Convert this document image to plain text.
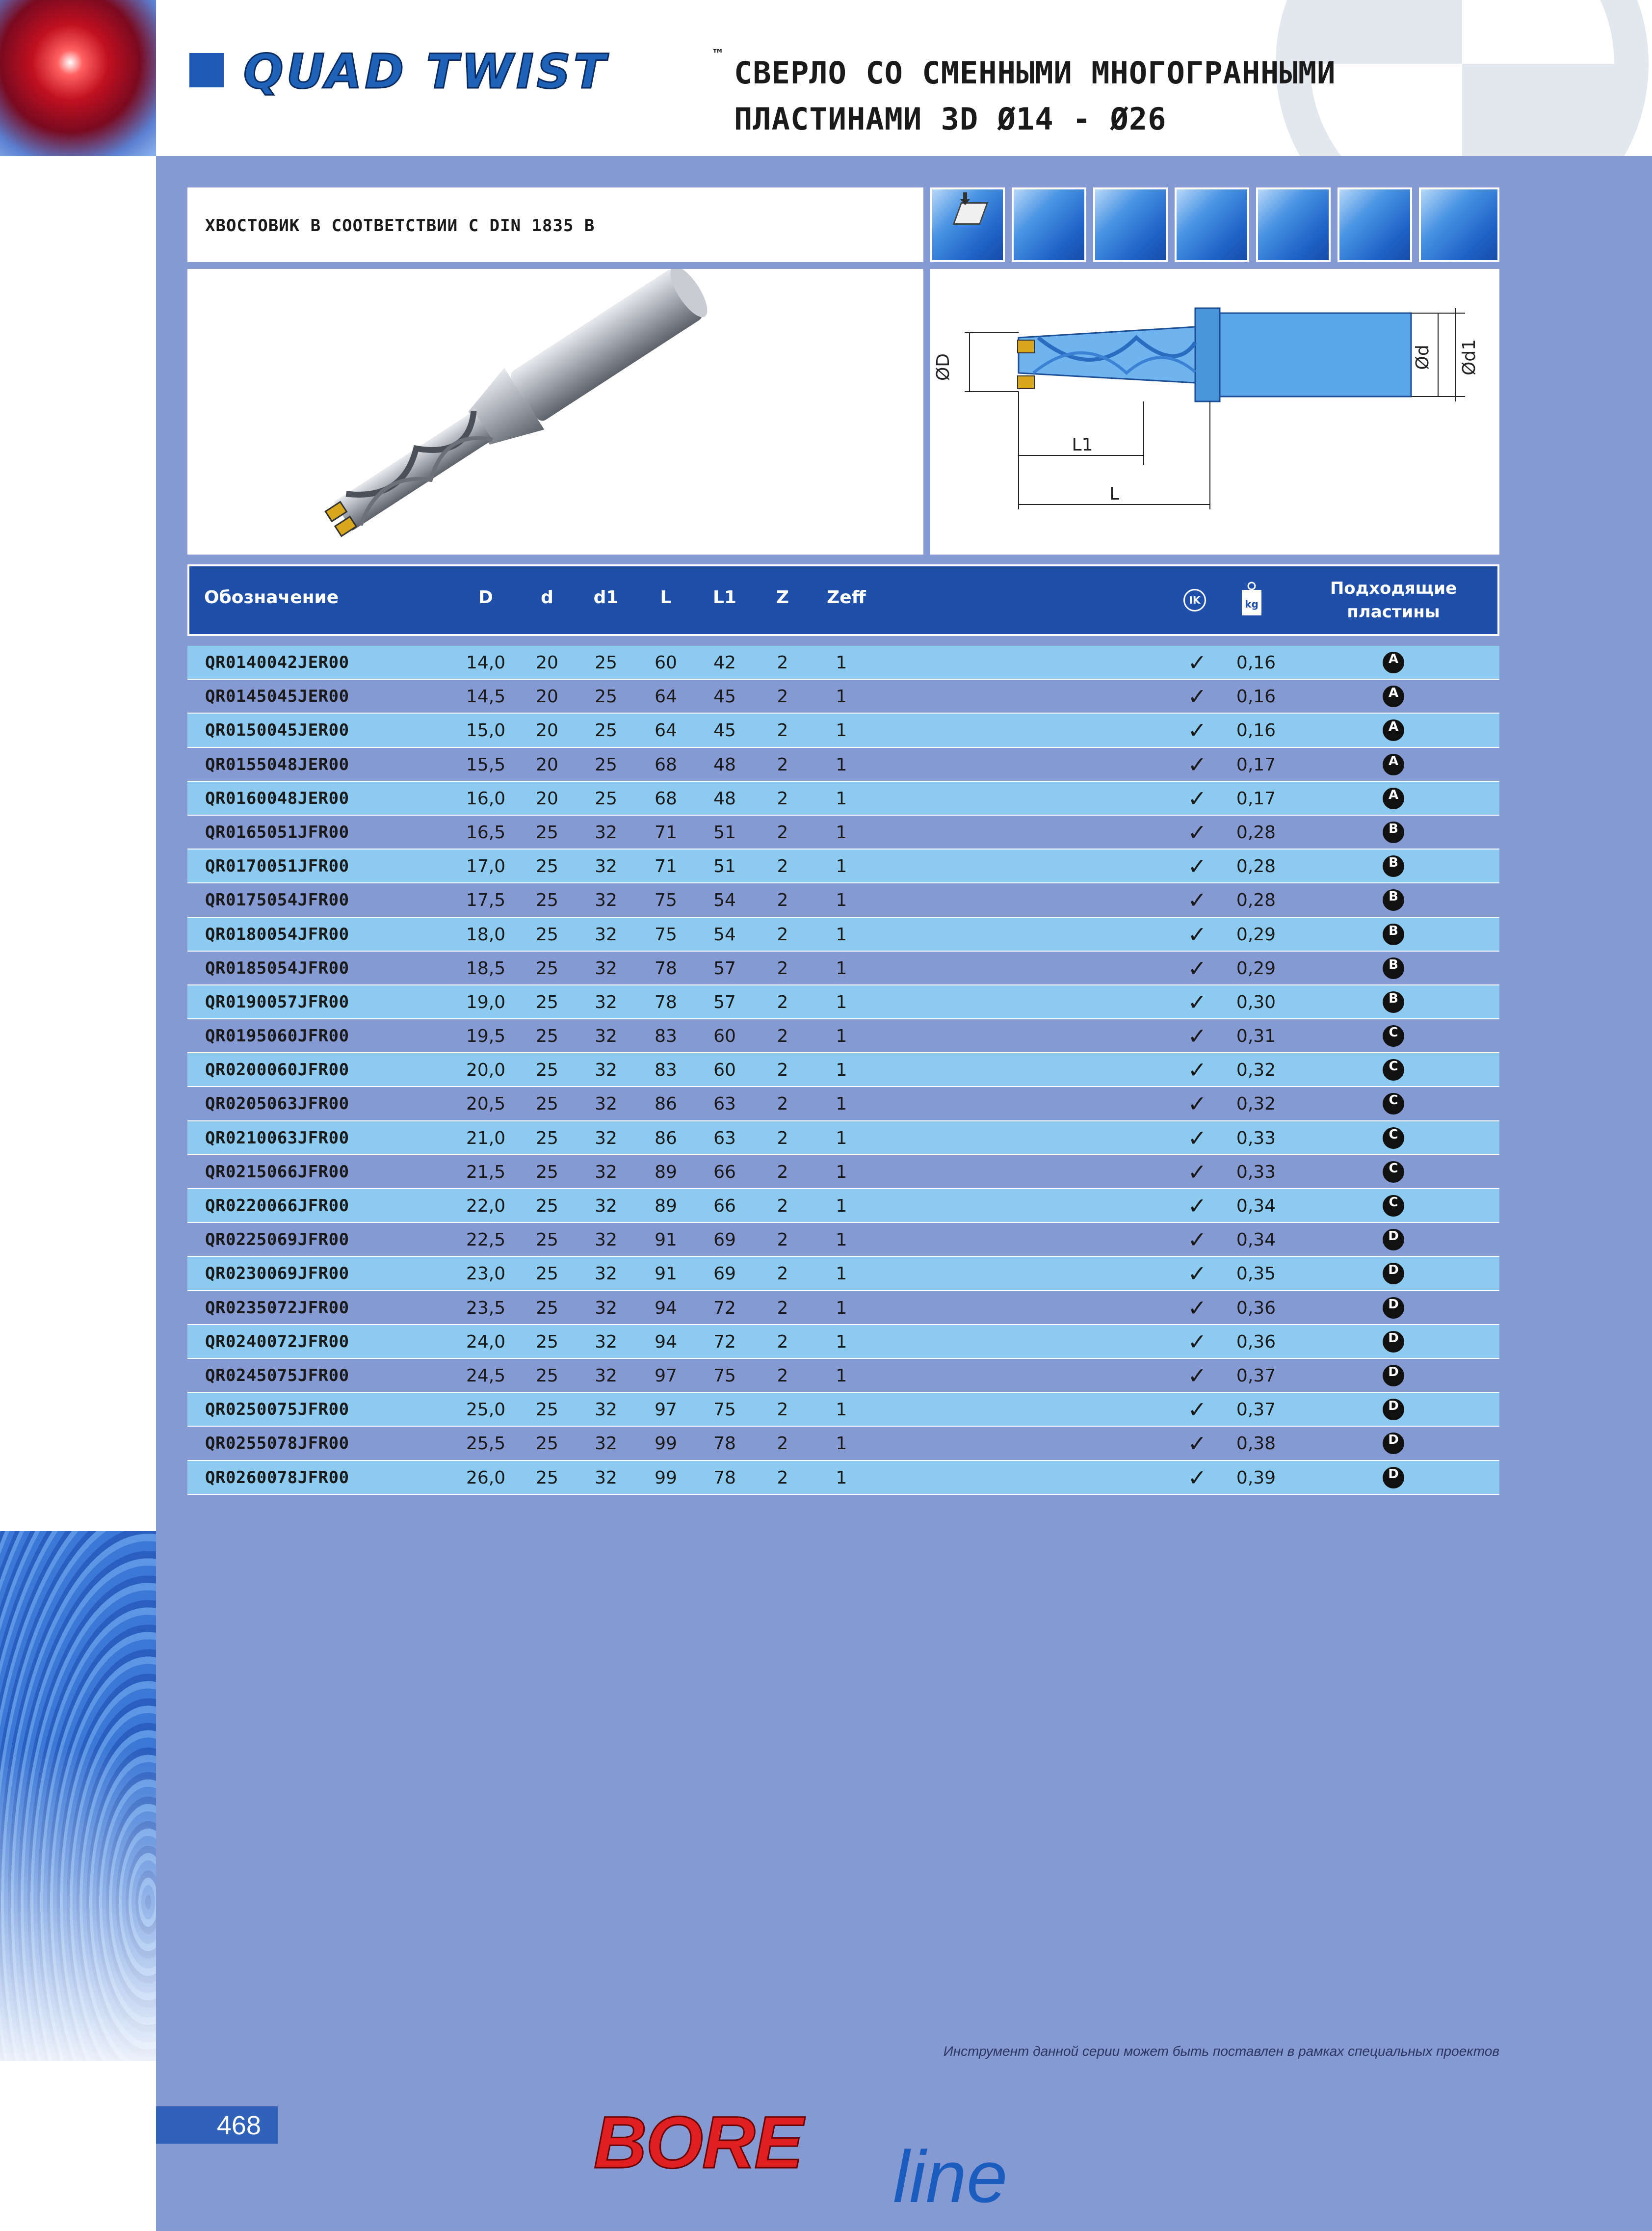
QUAD TWIST	™
СВЕРЛО СО СМЕННЫМИ МНОГОГРАННЫМИ
ПЛАСТИНАМИ 3D Ø14 - Ø26
ХВОСТОВИК В СООТВЕТСТВИИ С DIN 1835 B
ØD	Ød Ød1
L1
L
Обозначение	D	d	d1	L	L1	Z	Zeff	IK	kg
Подходящие
пластины
QR0140042JER00	14,0	20	25	60	42	2	1	✓	0,16	A
QR0145045JER00	14,5	20	25	64	45	2	1	✓	0,16	A
QR0150045JER00	15,0	20	25	64	45	2	1	✓	0,16	A
QR0155048JER00	15,5	20	25	68	48	2	1	✓	0,17	A
QR0160048JER00	16,0	20	25	68	48	2	1	✓	0,17	A
QR0165051JFR00	16,5	25	32	71	51	2	1	✓	0,28	B
QR0170051JFR00	17,0	25	32	71	51	2	1	✓	0,28	B
QR0175054JFR00	17,5	25	32	75	54	2	1	✓	0,28	B
QR0180054JFR00	18,0	25	32	75	54	2	1	✓	0,29	B
QR0185054JFR00	18,5	25	32	78	57	2	1	✓	0,29	B
QR0190057JFR00	19,0	25	32	78	57	2	1	✓	0,30	B
QR0195060JFR00	19,5	25	32	83	60	2	1	✓	0,31	C
QR0200060JFR00	20,0	25	32	83	60	2	1	✓	0,32	C
QR0205063JFR00	20,5	25	32	86	63	2	1	✓	0,32	C
QR0210063JFR00	21,0	25	32	86	63	2	1	✓	0,33	C
QR0215066JFR00	21,5	25	32	89	66	2	1	✓	0,33	C
QR0220066JFR00	22,0	25	32	89	66	2	1	✓	0,34	C
QR0225069JFR00	22,5	25	32	91	69	2	1	✓	0,34	D
QR0230069JFR00	23,0	25	32	91	69	2	1	✓	0,35	D
QR0235072JFR00	23,5	25	32	94	72	2	1	✓	0,36	D
QR0240072JFR00	24,0	25	32	94	72	2	1	✓	0,36	D
QR0245075JFR00	24,5	25	32	97	75	2	1	✓	0,37	D
QR0250075JFR00	25,0	25	32	97	75	2	1	✓	0,37	D
QR0255078JFR00	25,5	25	32	99	78	2	1	✓	0,38	D
QR0260078JFR00	26,0	25	32	99	78	2	1	✓	0,39	D
Инструмент данной серии может быть поставлен в рамках специальных проектов
468	BORE line
